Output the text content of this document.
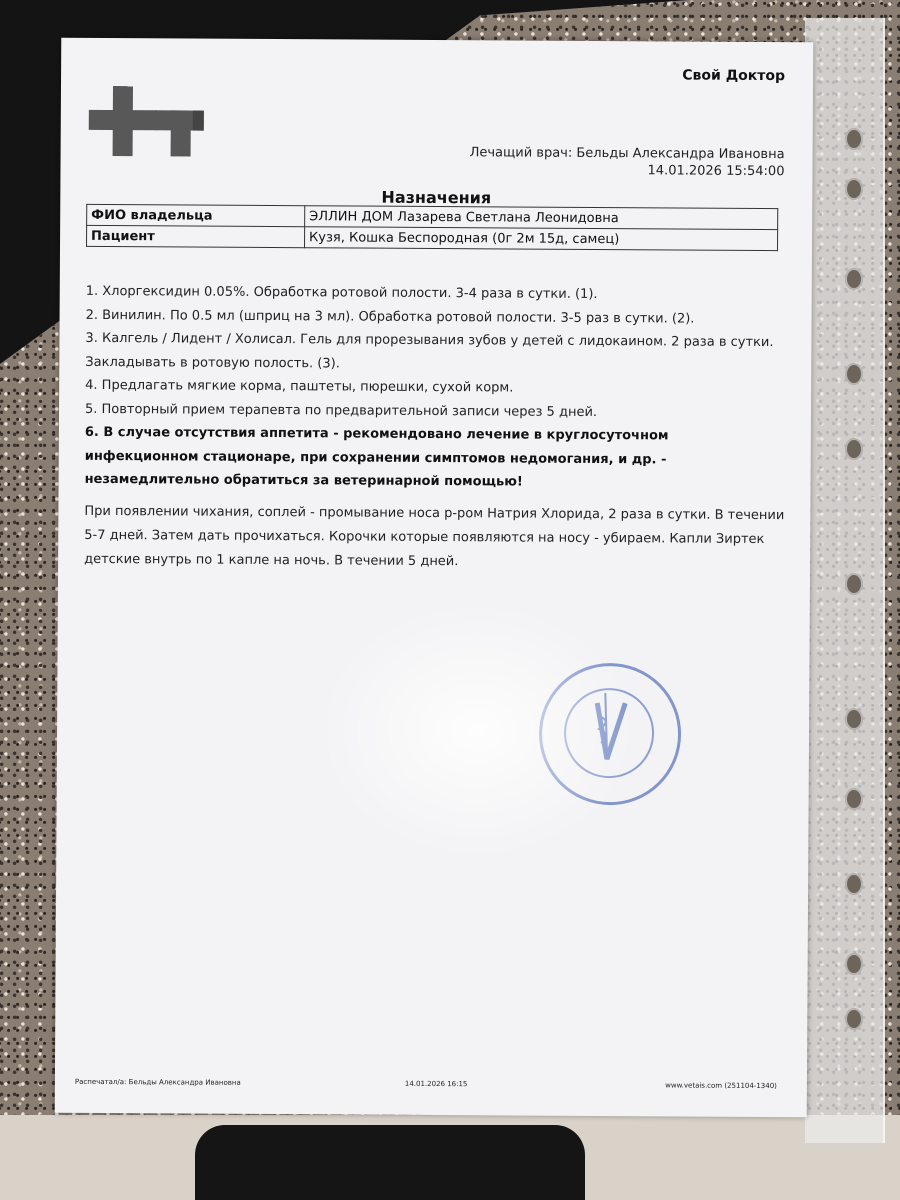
Свой Доктор
Лечащий врач: Бельды Александра Ивановна
14.01.2026 15:54:00
Назначения
ФИО владельца	ЭЛЛИН ДОМ Лазарева Светлана Леонидовна
Пациент	Кузя, Кошка Беспородная (0г 2м 15д, самец)

1. Хлоргексидин 0.05%. Обработка ротовой полости. 3-4 раза в сутки. (1).

2. Винилин. По 0.5 мл (шприц на 3 мл). Обработка ротовой полости. 3-5 раз в сутки. (2).

3. Калгель / Лидент / Холисал. Гель для прорезывания зубов у детей с лидокаином. 2 раза в сутки. Закладывать в ротовую полость. (3).

4. Предлагать мягкие корма, паштеты, пюрешки, сухой корм.

5. Повторный прием терапевта по предварительной записи через 5 дней.

6. В случае отсутствия аппетита - рекомендовано лечение в круглосуточном инфекционном стационаре, при сохранении симптомов недомогания, и др. - незамедлительно обратиться за ветеринарной помощью!

При появлении чихания, соплей - промывание носа р-ром Натрия Хлорида, 2 раза в сутки. В течении 5-7 дней. Затем дать прочихаться. Корочки которые появляются на носу - убираем. Капли Зиртек детские внутрь по 1 капле на ночь. В течении 5 дней.
Распечатал/а: Бельды Александра Ивановна	14.01.2026 16:15	www.vetais.com (251104-1340)
